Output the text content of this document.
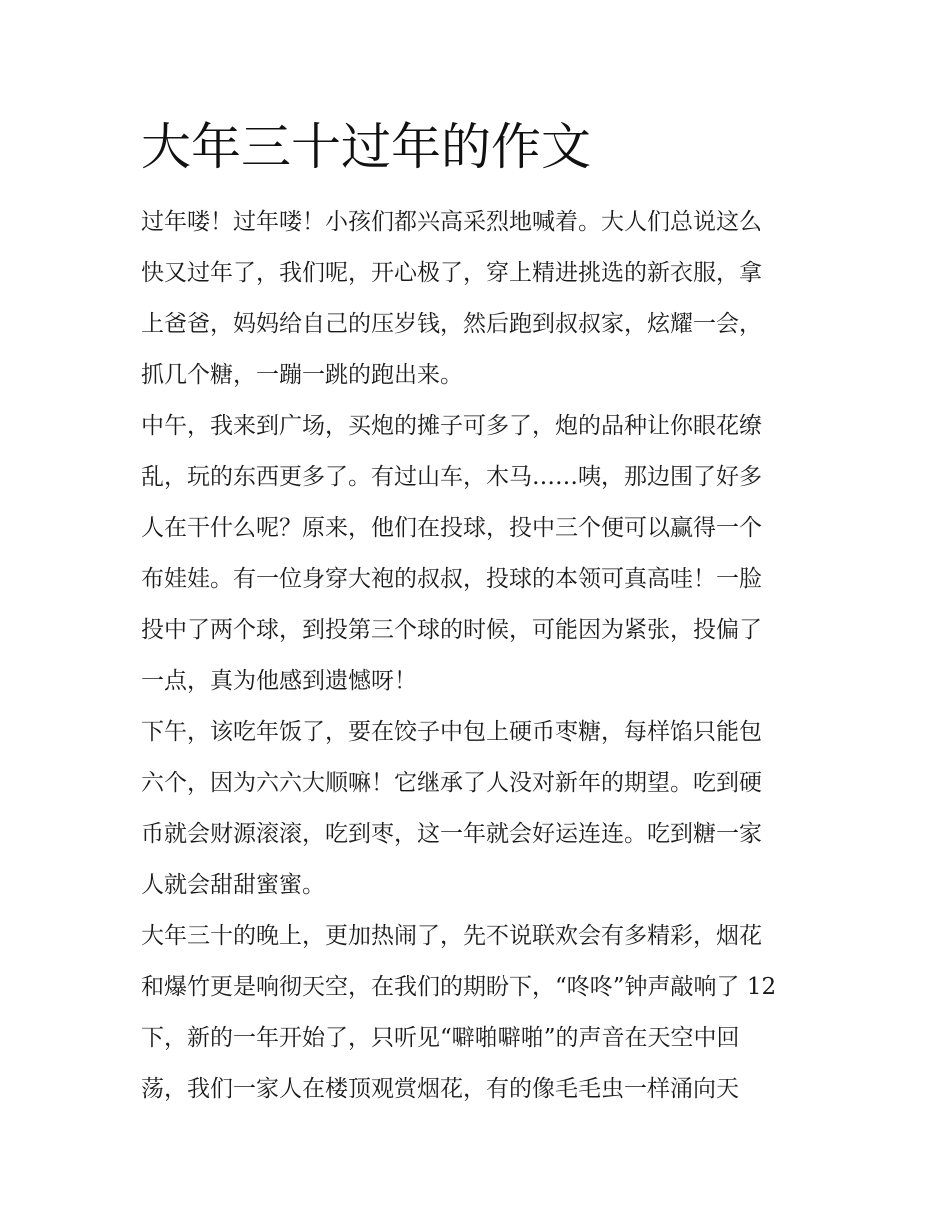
大年三十过年的作文

过年喽！过年喽！小孩们都兴高采烈地喊着。大人们总说这么

快又过年了，我们呢，开心极了，穿上精进挑选的新衣服，拿

上爸爸，妈妈给自己的压岁钱，然后跑到叔叔家，炫耀一会，

抓几个糖，一蹦一跳的跑出来。

中午，我来到广场，买炮的摊子可多了，炮的品种让你眼花缭

乱，玩的东西更多了。有过山车，木马……咦，那边围了好多

人在干什么呢？原来，他们在投球，投中三个便可以赢得一个

布娃娃。有一位身穿大袍的叔叔，投球的本领可真高哇！一脸

投中了两个球，到投第三个球的时候，可能因为紧张，投偏了

一点，真为他感到遗憾呀！

下午，该吃年饭了，要在饺子中包上硬币枣糖，每样馅只能包

六个，因为六六大顺嘛！它继承了人没对新年的期望。吃到硬

币就会财源滚滚，吃到枣，这一年就会好运连连。吃到糖一家

人就会甜甜蜜蜜。

大年三十的晚上，更加热闹了，先不说联欢会有多精彩，烟花

和爆竹更是响彻天空，在我们的期盼下，“咚咚”钟声敲响了 12

下，新的一年开始了，只听见“噼啪噼啪”的声音在天空中回

荡，我们一家人在楼顶观赏烟花，有的像毛毛虫一样涌向天
